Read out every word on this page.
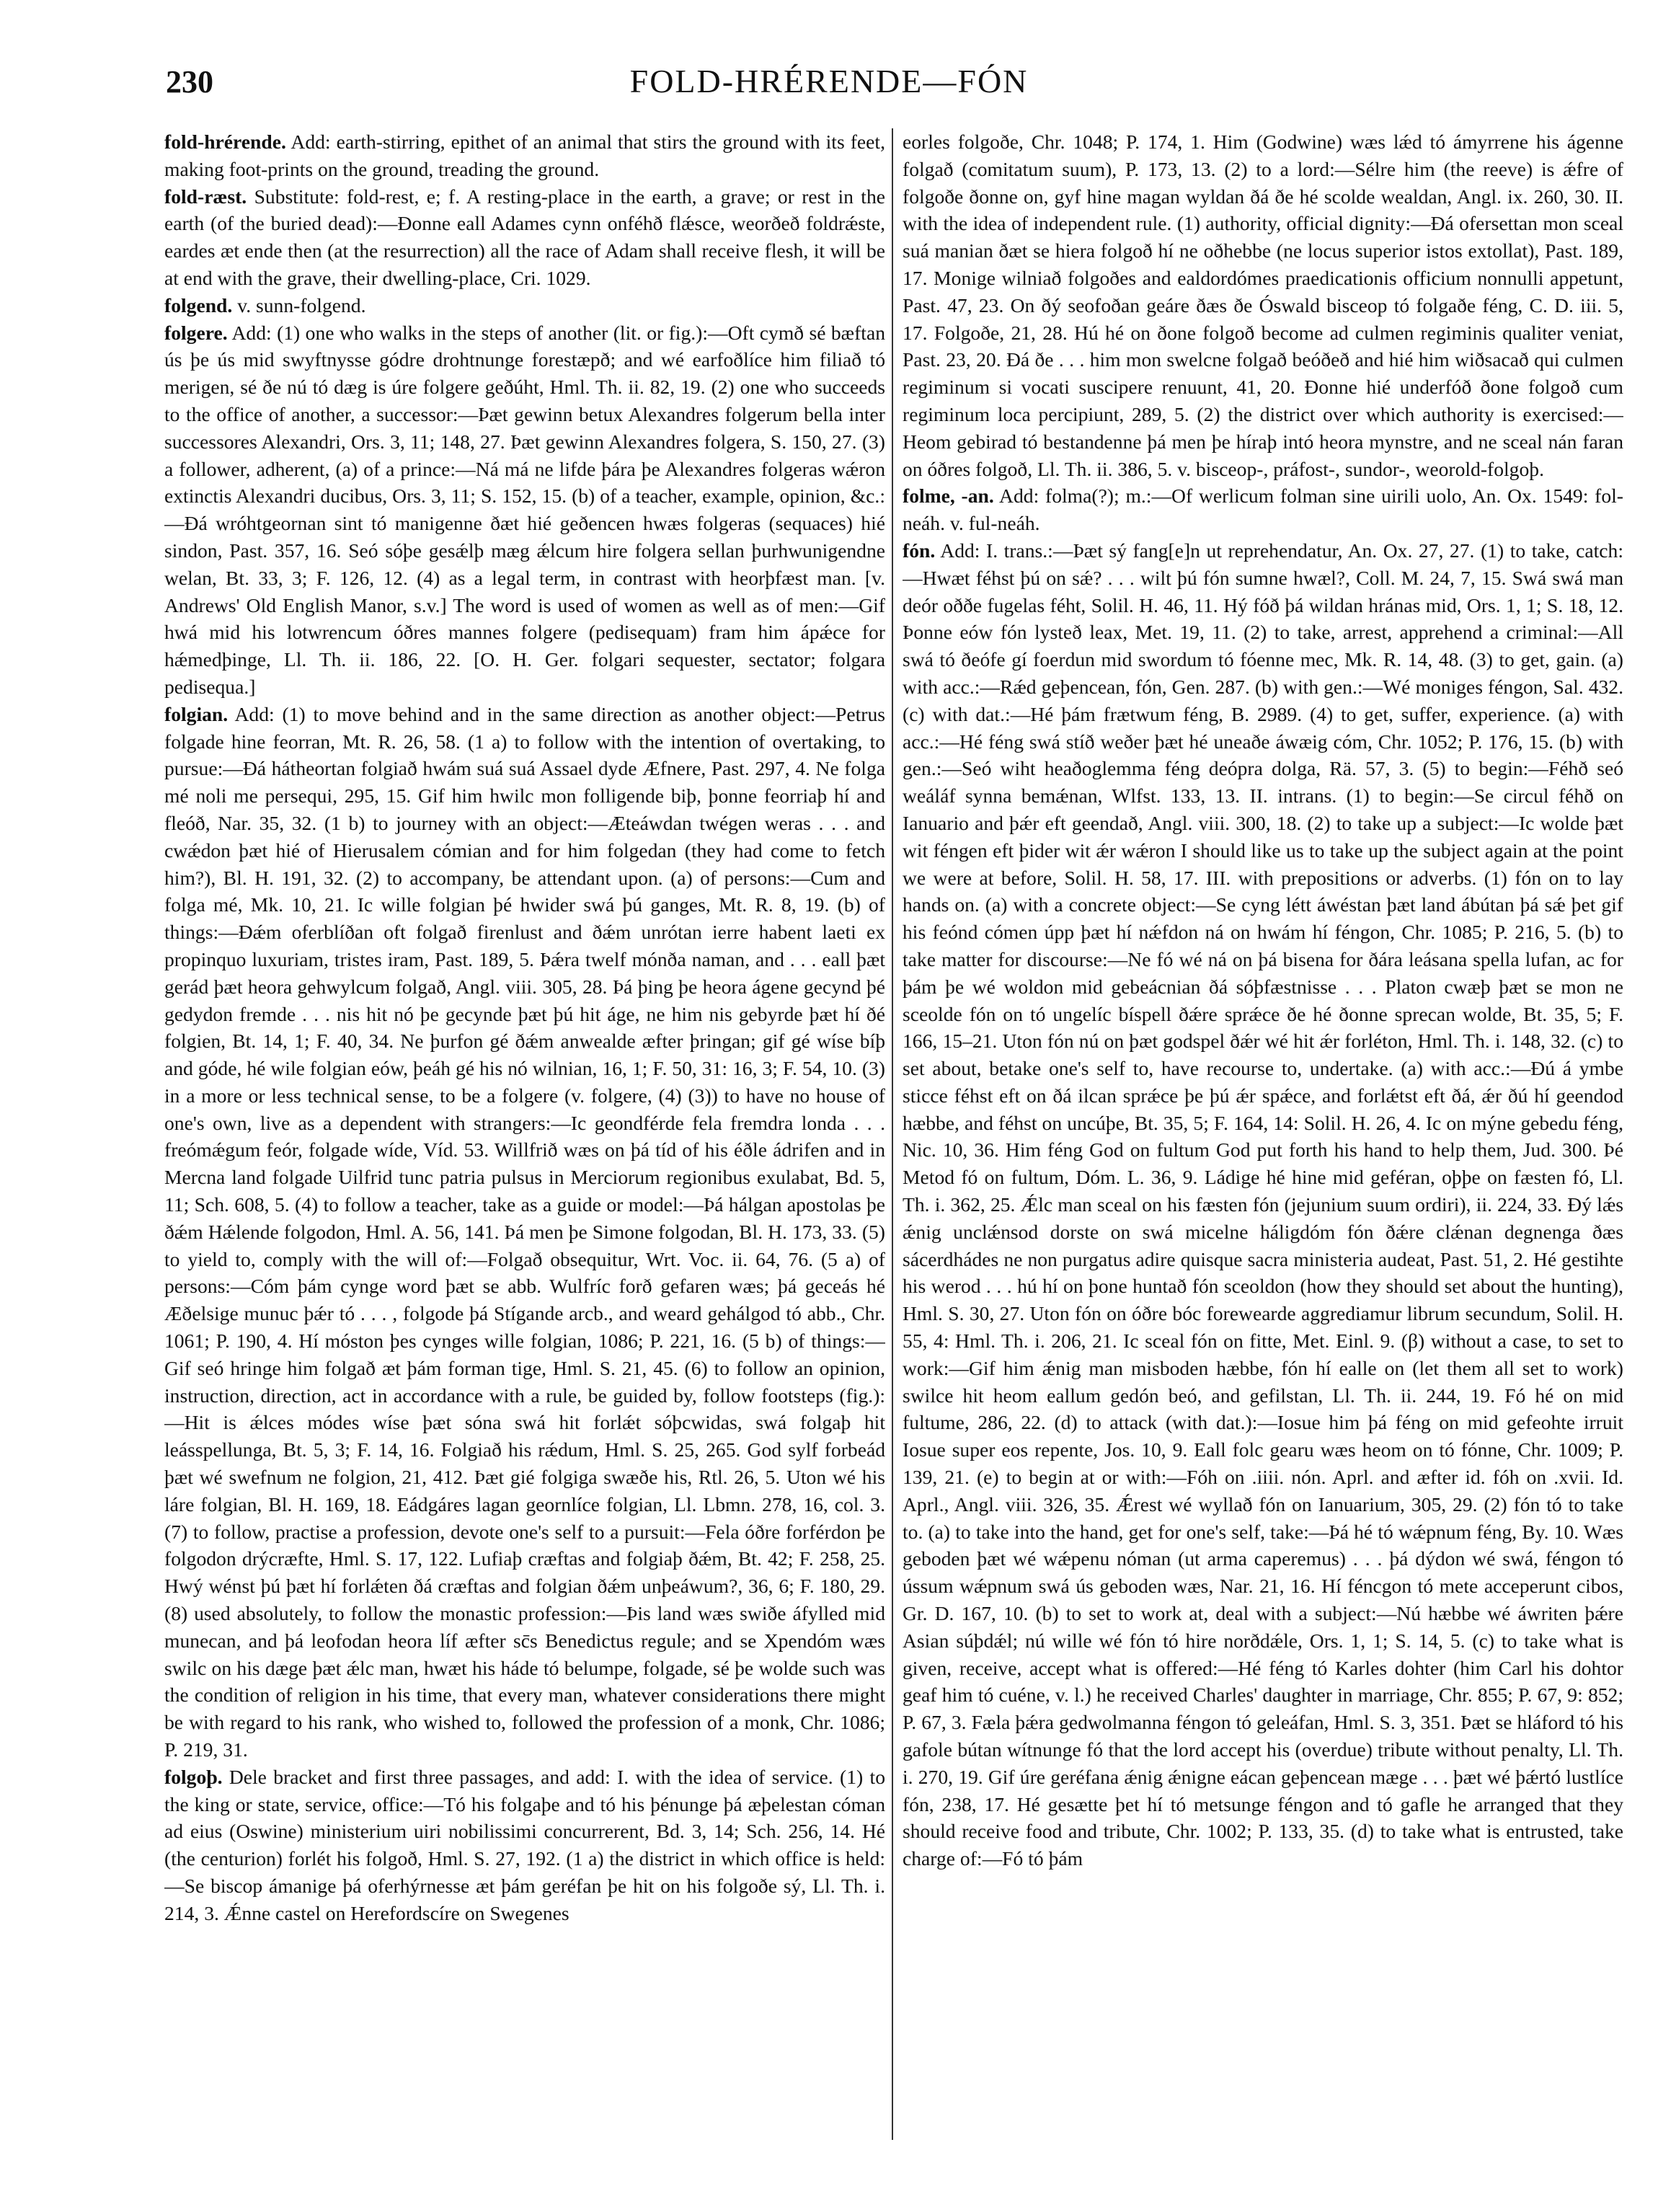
230	FOLD-HRÉRENDE—FÓN

fold-hrérende. Add: earth-stirring, epithet of an animal that stirs the ground with its feet, making foot-prints on the ground, treading the ground.

fold-ræst. Substitute: fold-rest, e; f. A resting-place in the earth, a grave; or rest in the earth (of the buried dead):—Ðonne eall Adames cynn onféhð flǽsce, weorðeð foldrǽste, eardes æt ende then (at the resurrection) all the race of Adam shall receive flesh, it will be at end with the grave, their dwelling-place, Cri. 1029.

folgend. v. sunn-folgend.

folgere. Add: (1) one who walks in the steps of another (lit. or fig.):—Oft cymð sé bæftan ús þe ús mid swyftnysse gódre drohtnunge forestæpð; and wé earfoðlíce him filiað tó merigen, sé ðe nú tó dæg is úre folgere geðúht, Hml. Th. ii. 82, 19. (2) one who succeeds to the office of another, a successor:—Þæt gewinn betux Alexandres folgerum bella inter successores Alexandri, Ors. 3, 11; 148, 27. Þæt gewinn Alexandres folgera, S. 150, 27. (3) a follower, adherent, (a) of a prince:—Ná má ne lifde þára þe Alexandres folgeras wǽron extinctis Alexandri ducibus, Ors. 3, 11; S. 152, 15. (b) of a teacher, example, opinion, &c.:—Ðá wróhtgeornan sint tó manigenne ðæt hié geðencen hwæs folgeras (sequaces) hié sindon, Past. 357, 16. Seó sóþe gesǽlþ mæg ǽlcum hire folgera sellan þurhwunigendne welan, Bt. 33, 3; F. 126, 12. (4) as a legal term, in contrast with heorþfæst man. [v. Andrews' Old English Manor, s.v.] The word is used of women as well as of men:—Gif hwá mid his lotwrencum óðres mannes folgere (pedisequam) fram him ápǽce for hǽmedþinge, Ll. Th. ii. 186, 22. [O. H. Ger. folgari sequester, sectator; folgara pedisequa.]

folgian. Add: (1) to move behind and in the same direction as another object:—Petrus folgade hine feorran, Mt. R. 26, 58. (1 a) to follow with the intention of overtaking, to pursue:—Ðá hátheortan folgiað hwám suá suá Assael dyde Æfnere, Past. 297, 4. Ne folga mé noli me persequi, 295, 15. Gif him hwilc mon folligende biþ, þonne feorriaþ hí and fleóð, Nar. 35, 32. (1 b) to journey with an object:—Æteáwdan twégen weras . . . and cwǽdon þæt hié of Hierusalem cómian and for him folgedan (they had come to fetch him?), Bl. H. 191, 32. (2) to accompany, be attendant upon. (a) of persons:—Cum and folga mé, Mk. 10, 21. Ic wille folgian þé hwider swá þú ganges, Mt. R. 8, 19. (b) of things:—Ðǽm oferblíðan oft folgað firenlust and ðǽm unrótan ierre habent laeti ex propinquo luxuriam, tristes iram, Past. 189, 5. Þǽra twelf mónða naman, and . . . eall þæt gerád þæt heora gehwylcum folgað, Angl. viii. 305, 28. Þá þing þe heora ágene gecynd þé gedydon fremde . . . nis hit nó þe gecynde þæt þú hit áge, ne him nis gebyrde þæt hí ðé folgien, Bt. 14, 1; F. 40, 34. Ne þurfon gé ðǽm anwealde æfter þringan; gif gé wíse bíþ and góde, hé wile folgian eów, þeáh gé his nó wilnian, 16, 1; F. 50, 31: 16, 3; F. 54, 10. (3) in a more or less technical sense, to be a folgere (v. folgere, (4) (3)) to have no house of one's own, live as a dependent with strangers:—Ic geondférde fela fremdra londa . . . freómǽgum feór, folgade wíde, Víd. 53. Willfrið wæs on þá tíd of his éðle ádrifen and in Mercna land folgade Uilfrid tunc patria pulsus in Merciorum regionibus exulabat, Bd. 5, 11; Sch. 608, 5. (4) to follow a teacher, take as a guide or model:—Þá hálgan apostolas þe ðǽm Hǽlende folgodon, Hml. A. 56, 141. Þá men þe Simone folgodan, Bl. H. 173, 33. (5) to yield to, comply with the will of:—Folgað obsequitur, Wrt. Voc. ii. 64, 76. (5 a) of persons:—Cóm þám cynge word þæt se abb. Wulfríc forð gefaren wæs; þá geceás hé Æðelsige munuc þǽr tó . . . , folgode þá Stígande arcb., and weard gehálgod tó abb., Chr. 1061; P. 190, 4. Hí móston þes cynges wille folgian, 1086; P. 221, 16. (5 b) of things:—Gif seó hringe him folgað æt þám forman tige, Hml. S. 21, 45. (6) to follow an opinion, instruction, direction, act in accordance with a rule, be guided by, follow footsteps (fig.):—Hit is ǽlces módes wíse þæt sóna swá hit forlǽt sóþcwidas, swá folgaþ hit leásspellunga, Bt. 5, 3; F. 14, 16. Folgiað his rǽdum, Hml. S. 25, 265. God sylf forbeád þæt wé swefnum ne folgion, 21, 412. Þæt gié folgiga swæðe his, Rtl. 26, 5. Uton wé his láre folgian, Bl. H. 169, 18. Eádgáres lagan geornlíce folgian, Ll. Lbmn. 278, 16, col. 3. (7) to follow, practise a profession, devote one's self to a pursuit:—Fela óðre forférdon þe folgodon drýcræfte, Hml. S. 17, 122. Lufiaþ cræftas and folgiaþ ðǽm, Bt. 42; F. 258, 25. Hwý wénst þú þæt hí forlǽten ðá cræftas and folgian ðǽm unþeáwum?, 36, 6; F. 180, 29. (8) used absolutely, to follow the monastic profession:—Þis land wæs swiðe áfylled mid munecan, and þá leofodan heora líf æfter sc̄s Benedictus regule; and se Xpendóm wæs swilc on his dæge þæt ǽlc man, hwæt his háde tó belumpe, folgade, sé þe wolde such was the condition of religion in his time, that every man, whatever considerations there might be with regard to his rank, who wished to, followed the profession of a monk, Chr. 1086; P. 219, 31.

folgoþ. Dele bracket and first three passages, and add: I. with the idea of service. (1) to the king or state, service, office:—Tó his folgaþe and tó his þénunge þá æþelestan cóman ad eius (Oswine) ministerium uiri nobilissimi concurrerent, Bd. 3, 14; Sch. 256, 14. Hé (the centurion) forlét his folgoð, Hml. S. 27, 192. (1 a) the district in which office is held:—Se biscop ámanige þá oferhýrnesse æt þám geréfan þe hit on his folgoðe sý, Ll. Th. i. 214, 3. Ǽnne castel on Herefordscíre on Swegenes

eorles folgoðe, Chr. 1048; P. 174, 1. Him (Godwine) wæs lǽd tó ámyrrene his ágenne folgað (comitatum suum), P. 173, 13. (2) to a lord:—Sélre him (the reeve) is ǽfre of folgoðe ðonne on, gyf hine magan wyldan ðá ðe hé scolde wealdan, Angl. ix. 260, 30. II. with the idea of independent rule. (1) authority, official dignity:—Ðá ofersettan mon sceal suá manian ðæt se hiera folgoð hí ne oðhebbe (ne locus superior istos extollat), Past. 189, 17. Monige wilniað folgoðes and ealdordómes praedicationis officium nonnulli appetunt, Past. 47, 23. On ðý seofoðan geáre ðæs ðe Óswald bisceop tó folgaðe féng, C. D. iii. 5, 17. Folgoðe, 21, 28. Hú hé on ðone folgoð become ad culmen regiminis qualiter veniat, Past. 23, 20. Ðá ðe . . . him mon swelcne folgað beóðeð and hié him wiðsacað qui culmen regiminum si vocati suscipere renuunt, 41, 20. Ðonne hié underfóð ðone folgoð cum regiminum loca percipiunt, 289, 5. (2) the district over which authority is exercised:—Heom gebirad tó bestandenne þá men þe híraþ intó heora mynstre, and ne sceal nán faran on óðres folgoð, Ll. Th. ii. 386, 5. v. bisceop-, práfost-, sundor-, weorold-folgoþ.

folme, -an. Add: folma(?); m.:—Of werlicum folman sine uirili uolo, An. Ox. 1549: fol-neáh. v. ful-neáh.

fón. Add: I. trans.:—Þæt sý fang[e]n ut reprehendatur, An. Ox. 27, 27. (1) to take, catch:—Hwæt féhst þú on sǽ? . . . wilt þú fón sumne hwæl?, Coll. M. 24, 7, 15. Swá swá man deór oððe fugelas féht, Solil. H. 46, 11. Hý fóð þá wildan hránas mid, Ors. 1, 1; S. 18, 12. Þonne eów fón lysteð leax, Met. 19, 11. (2) to take, arrest, apprehend a criminal:—All swá tó ðeófe gí foerdun mid swordum tó fóenne mec, Mk. R. 14, 48. (3) to get, gain. (a) with acc.:—Rǽd geþencean, fón, Gen. 287. (b) with gen.:—Wé moniges féngon, Sal. 432. (c) with dat.:—Hé þám frætwum féng, B. 2989. (4) to get, suffer, experience. (a) with acc.:—Hé féng swá stíð weðer þæt hé uneaðe áwæig cóm, Chr. 1052; P. 176, 15. (b) with gen.:—Seó wiht heaðoglemma féng deópra dolga, Rä. 57, 3. (5) to begin:—Féhð seó weáláf synna bemǽnan, Wlfst. 133, 13. II. intrans. (1) to begin:—Se circul féhð on Ianuario and þǽr eft geendað, Angl. viii. 300, 18. (2) to take up a subject:—Ic wolde þæt wit féngen eft þider wit ǽr wǽron I should like us to take up the subject again at the point we were at before, Solil. H. 58, 17. III. with prepositions or adverbs. (1) fón on to lay hands on. (a) with a concrete object:—Se cyng létt áwéstan þæt land ábútan þá sǽ þet gif his feónd cómen úpp þæt hí nǽfdon ná on hwám hí féngon, Chr. 1085; P. 216, 5. (b) to take matter for discourse:—Ne fó wé ná on þá bisena for ðára leásana spella lufan, ac for þám þe wé woldon mid gebeácnian ðá sóþfæstnisse . . . Platon cwæþ þæt se mon ne sceolde fón on tó ungelíc bíspell ðǽre sprǽce ðe hé ðonne sprecan wolde, Bt. 35, 5; F. 166, 15–21. Uton fón nú on þæt godspel ðǽr wé hit ǽr forléton, Hml. Th. i. 148, 32. (c) to set about, betake one's self to, have recourse to, undertake. (a) with acc.:—Ðú á ymbe sticce féhst eft on ðá ilcan sprǽce þe þú ǽr spǽce, and forlǽtst eft ðá, ǽr ðú hí geendod hæbbe, and féhst on uncúþe, Bt. 35, 5; F. 164, 14: Solil. H. 26, 4. Ic on mýne gebedu féng, Nic. 10, 36. Him féng God on fultum God put forth his hand to help them, Jud. 300. Þé Metod fó on fultum, Dóm. L. 36, 9. Ládige hé hine mid geféran, oþþe on fæsten fó, Ll. Th. i. 362, 25. Ǽlc man sceal on his fæsten fón (jejunium suum ordiri), ii. 224, 33. Ðý lǽs ǽnig unclǽnsod dorste on swá micelne háligdóm fón ðǽre clǽnan degnenga ðæs sácerdhádes ne non purgatus adire quisque sacra ministeria audeat, Past. 51, 2. Hé gestihte his werod . . . hú hí on þone huntað fón sceoldon (how they should set about the hunting), Hml. S. 30, 27. Uton fón on óðre bóc forewearde aggrediamur librum secundum, Solil. H. 55, 4: Hml. Th. i. 206, 21. Ic sceal fón on fitte, Met. Einl. 9. (β) without a case, to set to work:—Gif him ǽnig man misboden hæbbe, fón hí ealle on (let them all set to work) swilce hit heom eallum gedón beó, and gefilstan, Ll. Th. ii. 244, 19. Fó hé on mid fultume, 286, 22. (d) to attack (with dat.):—Iosue him þá féng on mid gefeohte irruit Iosue super eos repente, Jos. 10, 9. Eall folc gearu wæs heom on tó fónne, Chr. 1009; P. 139, 21. (e) to begin at or with:—Fóh on .iiii. nón. Aprl. and æfter id. fóh on .xvii. Id. Aprl., Angl. viii. 326, 35. Ǽrest wé wyllað fón on Ianuarium, 305, 29. (2) fón tó to take to. (a) to take into the hand, get for one's self, take:—Þá hé tó wǽpnum féng, By. 10. Wæs geboden þæt wé wǽpenu nóman (ut arma caperemus) . . . þá dýdon wé swá, féngon tó ússum wǽpnum swá ús geboden wæs, Nar. 21, 16. Hí féncgon tó mete acceperunt cibos, Gr. D. 167, 10. (b) to set to work at, deal with a subject:—Nú hæbbe wé áwriten þǽre Asian súþdǽl; nú wille wé fón tó hire norðdǽle, Ors. 1, 1; S. 14, 5. (c) to take what is given, receive, accept what is offered:—Hé féng tó Karles dohter (him Carl his dohtor geaf him tó cuéne, v. l.) he received Charles' daughter in marriage, Chr. 855; P. 67, 9: 852; P. 67, 3. Fæla þǽra gedwolmanna féngon tó geleáfan, Hml. S. 3, 351. Þæt se hláford tó his gafole bútan wítnunge fó that the lord accept his (overdue) tribute without penalty, Ll. Th. i. 270, 19. Gif úre geréfana ǽnig ǽnigne eácan geþencean mæge . . . þæt wé þǽrtó lustlíce fón, 238, 17. Hé gesætte þet hí tó metsunge féngon and tó gafle he arranged that they should receive food and tribute, Chr. 1002; P. 133, 35. (d) to take what is entrusted, take charge of:—Fó tó þám
